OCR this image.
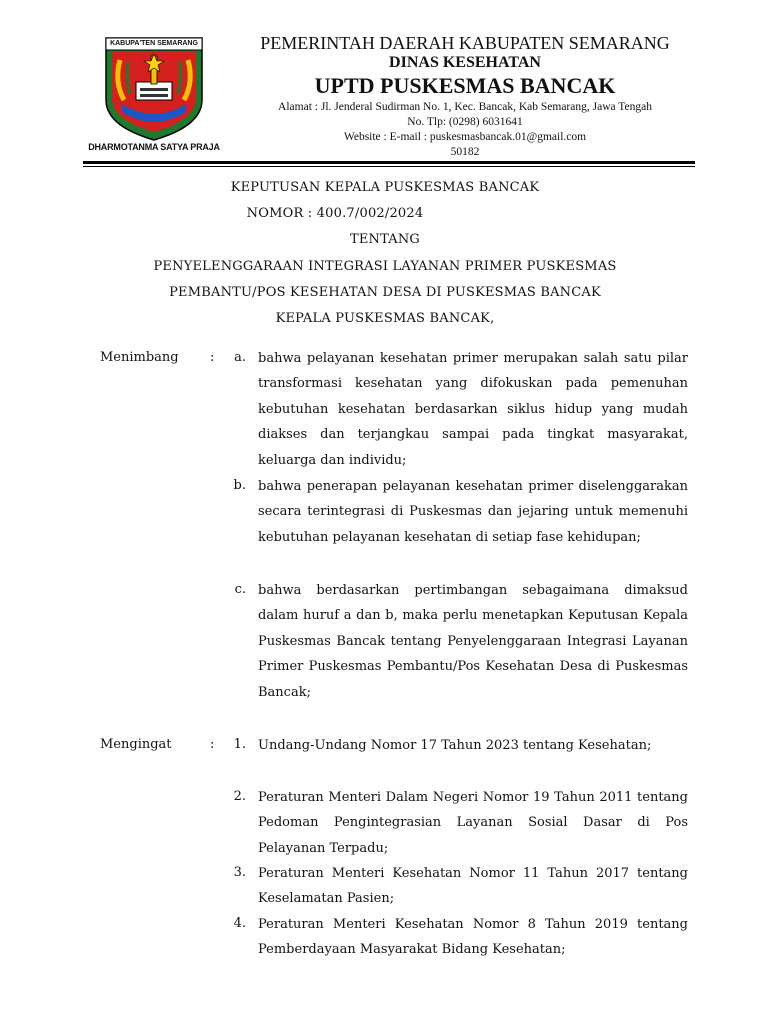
KABUPA'TEN SEMARANG
DHARMOTANMA SATYA PRAJA
PEMERINTAH DAERAH KABUPATEN SEMARANG
DINAS KESEHATAN
UPTD PUSKESMAS BANCAK
Alamat : Jl. Jenderal Sudirman No. 1, Kec. Bancak, Kab Semarang, Jawa Tengah
No. Tlp: (0298) 6031641
Website : E-mail : puskesmasbancak.01@gmail.com
50182
KEPUTUSAN KEPALA PUSKESMAS BANCAK
NOMOR : 400.7/002/2024
TENTANG
PENYELENGGARAAN INTEGRASI LAYANAN PRIMER PUSKESMAS
PEMBANTU/POS KESEHATAN DESA DI PUSKESMAS BANCAK
KEPALA PUSKESMAS BANCAK,
Menimbang :	a. bahwa pelayanan kesehatan primer merupakan salah satu pilar transformasi kesehatan yang difokuskan pada pemenuhan kebutuhan kesehatan berdasarkan siklus hidup yang mudah diakses dan terjangkau sampai pada tingkat masyarakat, keluarga dan individu;
b. bahwa penerapan pelayanan kesehatan primer diselenggarakan secara terintegrasi di Puskesmas dan jejaring untuk memenuhi kebutuhan pelayanan kesehatan di setiap fase kehidupan;
c. bahwa berdasarkan pertimbangan sebagaimana dimaksud dalam huruf a dan b, maka perlu menetapkan Keputusan Kepala Puskesmas Bancak tentang Penyelenggaraan Integrasi Layanan Primer Puskesmas Pembantu/Pos Kesehatan Desa di Puskesmas Bancak;
Mengingat	:	1. Undang-Undang Nomor 17 Tahun 2023 tentang Kesehatan;
2. Peraturan Menteri Dalam Negeri Nomor 19 Tahun 2011 tentang Pedoman Pengintegrasian Layanan Sosial Dasar di Pos Pelayanan Terpadu;
3. Peraturan Menteri Kesehatan Nomor 11 Tahun 2017 tentang Keselamatan Pasien;
4. Peraturan Menteri Kesehatan Nomor 8 Tahun 2019 tentang Pemberdayaan Masyarakat Bidang Kesehatan;
